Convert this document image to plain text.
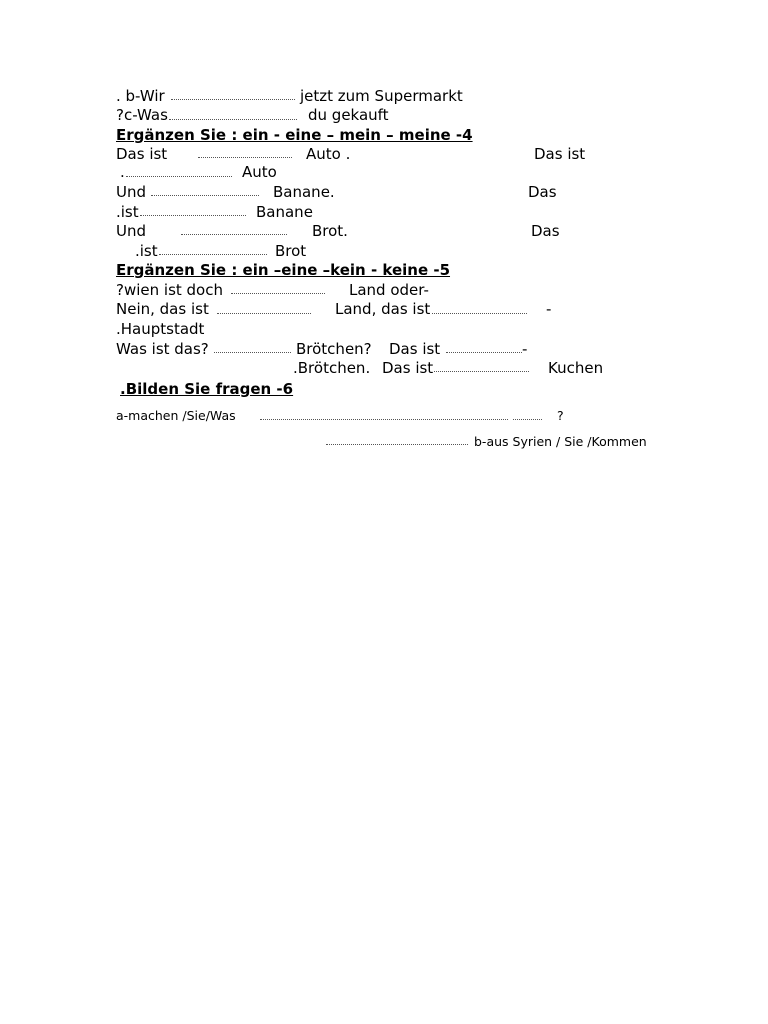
. b-Wir	jetzt zum Supermarkt
?c-Was	du gekauft
Ergänzen Sie : ein - eine – mein – meine -4
Das ist	Auto .	Das ist
.	Auto
Und	Banane.	Das
.ist	Banane
Und	Brot.	Das
.ist	Brot
Ergänzen Sie : ein –eine –kein - keine -5
?wien ist doch	Land oder-
Nein, das ist	Land, das ist	-
.Hauptstadt
Was ist das?	Brötchen? Das ist	-
.Brötchen. Das ist	Kuchen
.Bilden Sie fragen -6
a-machen /Sie/Was	?
b-aus Syrien / Sie /Kommen
